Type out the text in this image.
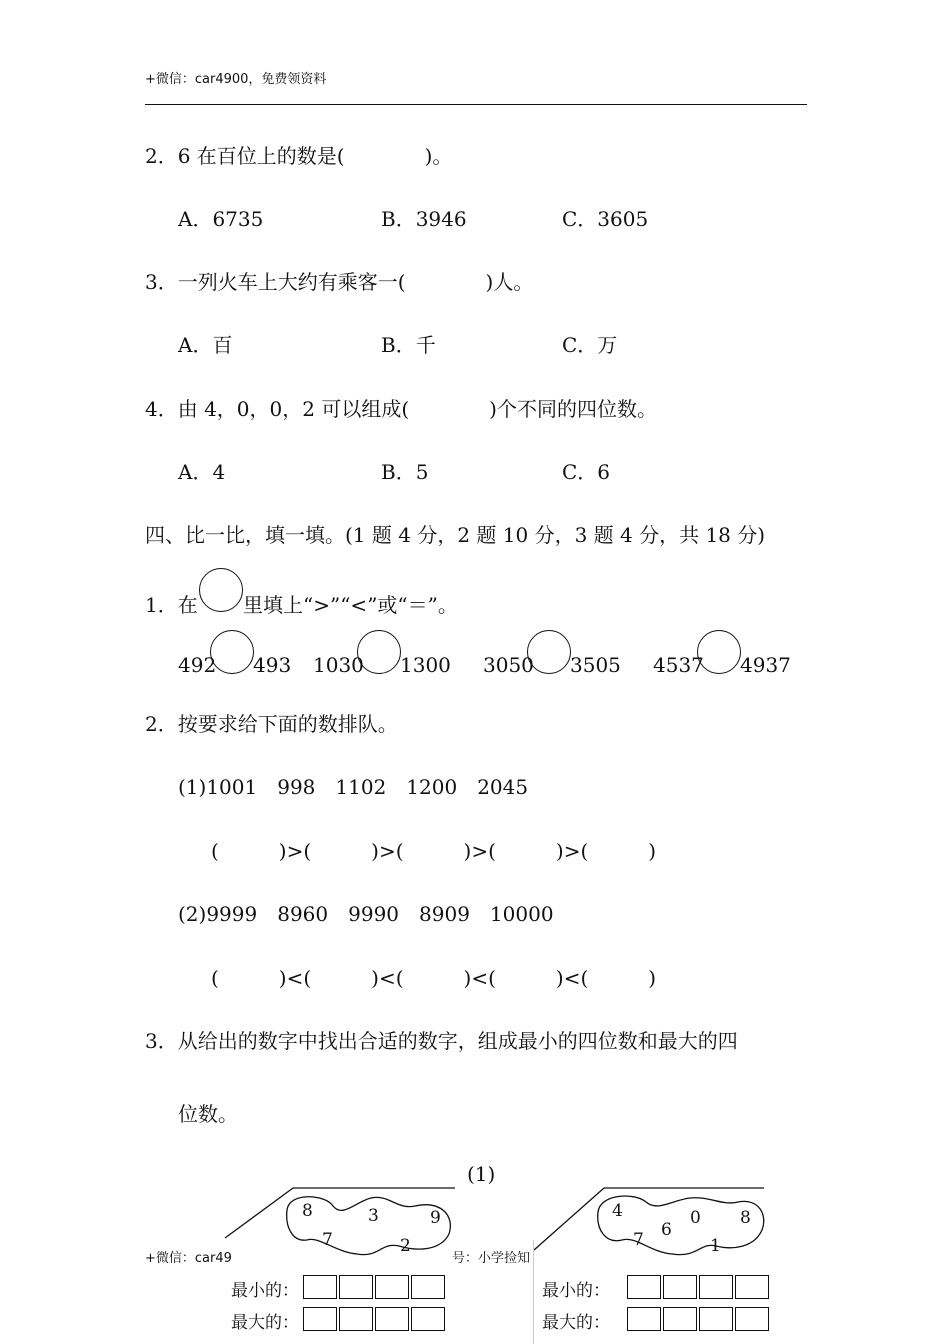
+微信：car4900，免费领资料
2．6 在百位上的数是(　　　　)。
A．6735	B．3946	C．3605
3．一列火车上大约有乘客一(　　　　)人。
A．百	B．千	C．万
4．由 4，0，0，2 可以组成(　　　　)个不同的四位数。
A．4	B．5	C．6
四、比一比，填一填。(1 题 4 分，2 题 10 分，3 题 4 分，共 18 分)
1．在 里填上“>”“<”或“＝”。
492 493 1030 1300 3050 3505 4537 4937
2．按要求给下面的数排队。
(1)1001　998　1102　1200　2045
(　　　)>(　　　)>(　　　)>(　　　)>(　　　)
(2)9999　8960　9990　8909　10000
(　　　)<(　　　)<(　　　)<(　　　)<(　　　)
3．从给出的数字中找出合适的数字，组成最小的四位数和最大的四
位数。
(1)
8	3	9
7	2
4
6
0 8
7	1
+微信：car49	号：小学捡知
最小的：
最大的：
最小的：
最大的：
